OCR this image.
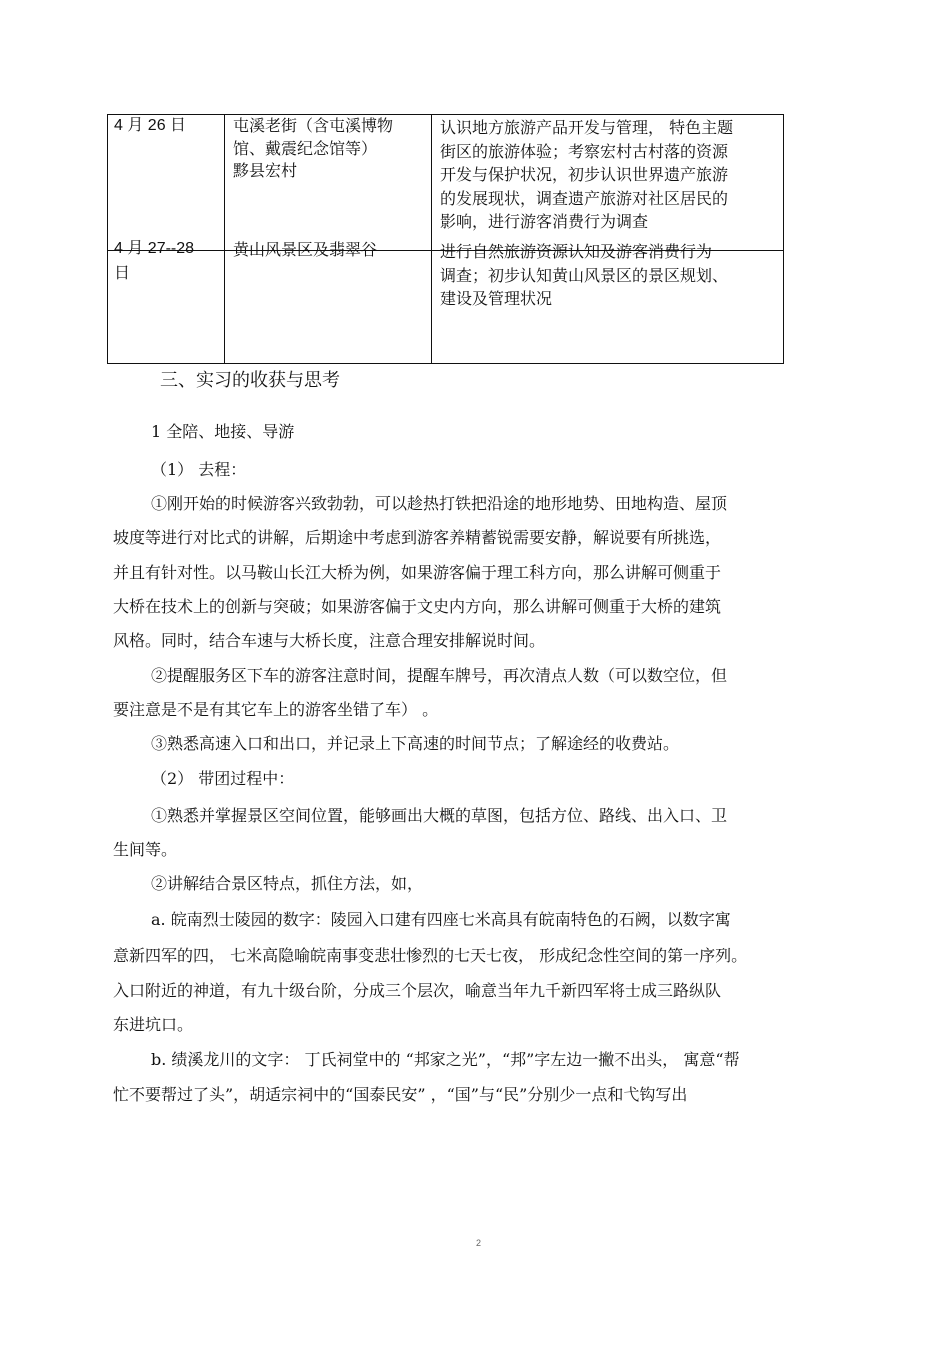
4 月 26 日	屯溪老街（含屯溪博物
馆、戴震纪念馆等）
黟县宏村
认识地方旅游产品开发与管理， 特色主题
街区的旅游体验；考察宏村古村落的资源
开发与保护状况，初步认识世界遗产旅游
的发展现状，调查遗产旅游对社区居民的
影响，进行游客消费行为调查
4 月 27--28
日
黄山风景区及翡翠谷	进行自然旅游资源认知及游客消费行为
调查；初步认知黄山风景区的景区规划、
建设及管理状况
三、实习的收获与思考
1 全陪、地接、导游
（1） 去程：
①刚开始的时候游客兴致勃勃，可以趁热打铁把沿途的地形地势、田地构造、屋顶
坡度等进行对比式的讲解，后期途中考虑到游客养精蓄锐需要安静，解说要有所挑选，
并且有针对性。以马鞍山长江大桥为例，如果游客偏于理工科方向，那么讲解可侧重于
大桥在技术上的创新与突破；如果游客偏于文史内方向，那么讲解可侧重于大桥的建筑
风格。同时，结合车速与大桥长度，注意合理安排解说时间。
②提醒服务区下车的游客注意时间，提醒车牌号，再次清点人数（可以数空位，但
要注意是不是有其它车上的游客坐错了车） 。
③熟悉高速入口和出口，并记录上下高速的时间节点；了解途经的收费站。
（2） 带团过程中：
①熟悉并掌握景区空间位置，能够画出大概的草图，包括方位、路线、出入口、卫
生间等。
②讲解结合景区特点，抓住方法，如，
a. 皖南烈士陵园的数字：陵园入口建有四座七米高具有皖南特色的石阙，以数字寓
意新四军的四， 七米高隐喻皖南事变悲壮惨烈的七天七夜， 形成纪念性空间的第一序列。
入口附近的神道，有九十级台阶，分成三个层次，喻意当年九千新四军将士成三路纵队
东进坑口。
b. 绩溪龙川的文字： 丁氏祠堂中的 “邦家之光”，“邦”字左边一撇不出头， 寓意“帮
忙不要帮过了头”，胡适宗祠中的“国泰民安” ，“国”与“民”分别少一点和弋钩写出
2
